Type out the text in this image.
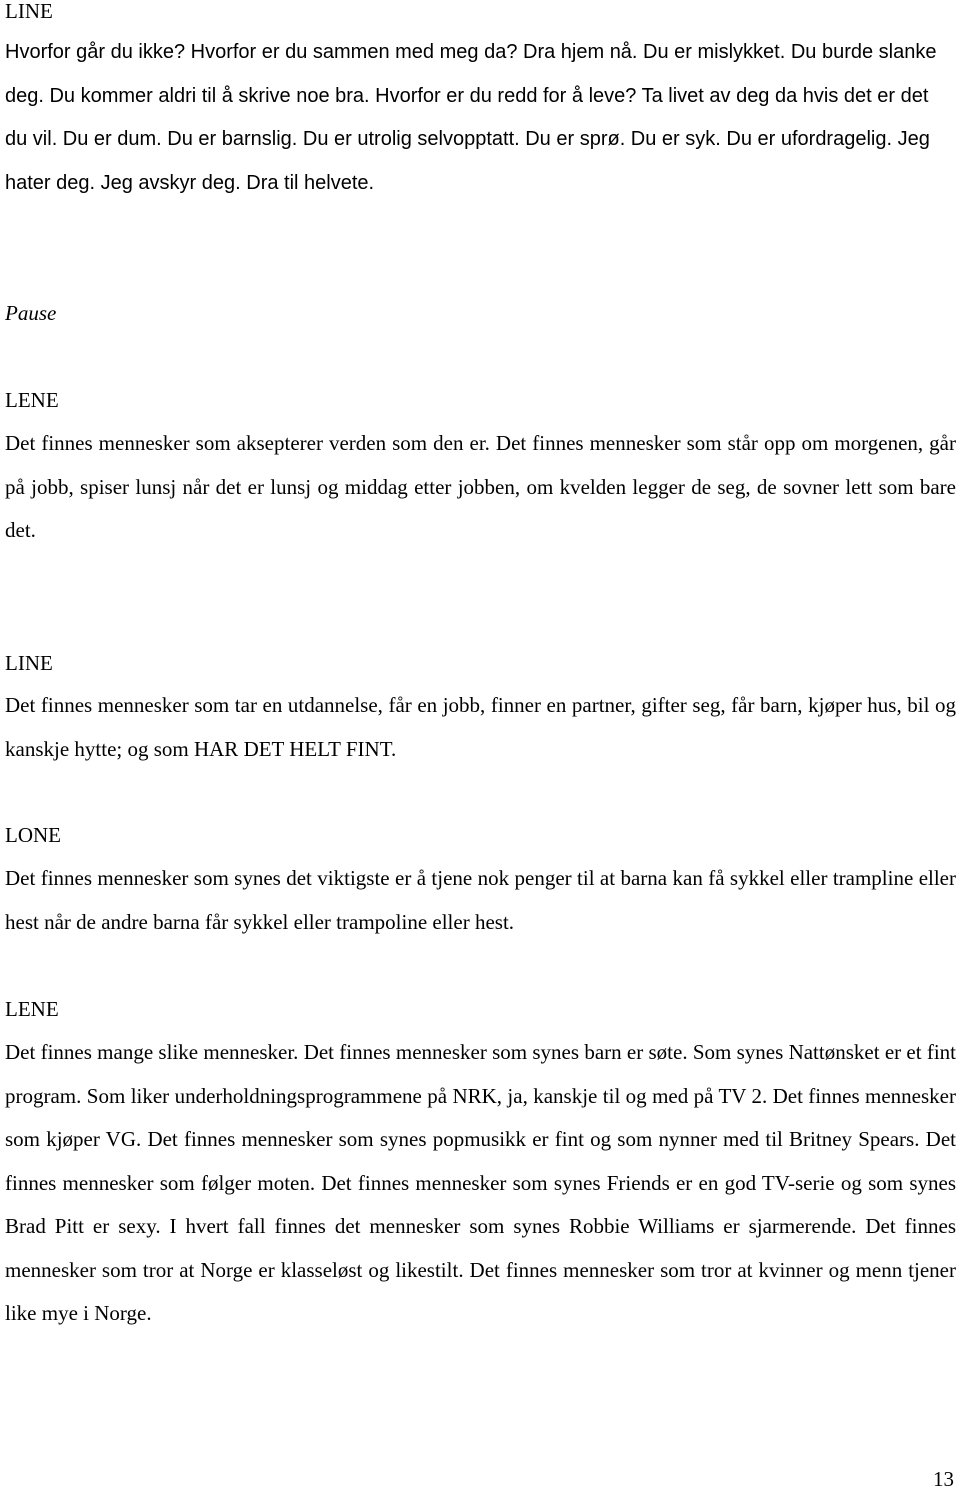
LINE

Hvorfor går du ikke? Hvorfor er du sammen med meg da? Dra hjem nå. Du er mislykket. Du burde slanke deg. Du kommer aldri til å skrive noe bra. Hvorfor er du redd for å leve? Ta livet av deg da hvis det er det du vil. Du er dum. Du er barnslig. Du er utrolig selvopptatt. Du er sprø. Du er syk. Du er ufordragelig. Jeg hater deg. Jeg avskyr deg. Dra til helvete.

Pause

LENE

Det finnes mennesker som aksepterer verden som den er. Det finnes mennesker som står opp om morgenen, går på jobb, spiser lunsj når det er lunsj og middag etter jobben, om kvelden legger de seg, de sovner lett som bare det.

LINE

Det finnes mennesker som tar en utdannelse, får en jobb, finner en partner, gifter seg, får barn, kjøper hus, bil og kanskje hytte; og som HAR DET HELT FINT.

LONE

Det finnes mennesker som synes det viktigste er å tjene nok penger til at barna kan få sykkel eller trampline eller hest når de andre barna får sykkel eller trampoline eller hest.

LENE

Det finnes mange slike mennesker. Det finnes mennesker som synes barn er søte. Som synes Nattønsket er et fint program. Som liker underholdningsprogrammene på NRK, ja, kanskje til og med på TV 2. Det finnes mennesker som kjøper VG. Det finnes mennesker som synes popmusikk er fint og som nynner med til Britney Spears. Det finnes mennesker som følger moten. Det finnes mennesker som synes Friends er en god TV-serie og som synes Brad Pitt er sexy. I hvert fall finnes det mennesker som synes Robbie Williams er sjarmerende. Det finnes mennesker som tror at Norge er klasseløst og likestilt. Det finnes mennesker som tror at kvinner og menn tjener like mye i Norge.

13
